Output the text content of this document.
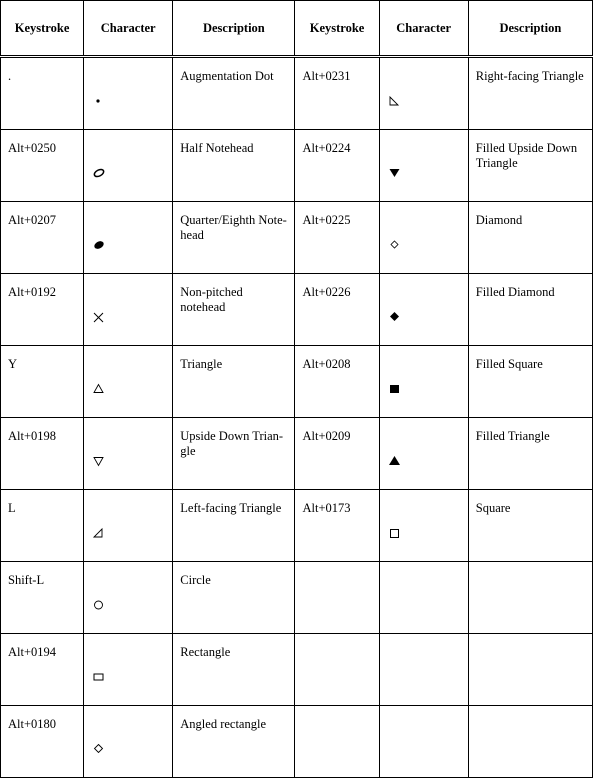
Keystroke	Character	Description	Keystroke	Character	Description

.		Augmentation Dot	Alt+0231		Right-facing Triangle

Alt+0250		Half Notehead	Alt+0224		Filled Upside Down Triangle

Alt+0207		Quarter/Eighth Note-head	Alt+0225		Diamond

Alt+0192		Non-pitched notehead	Alt+0226		Filled Diamond

Y		Triangle	Alt+0208		Filled Square

Alt+0198		Upside Down Trian-gle	Alt+0209		Filled Triangle

L		Left-facing Triangle	Alt+0173		Square

Shift-L		Circle			

Alt+0194		Rectangle			

Alt+0180		Angled rectangle			
